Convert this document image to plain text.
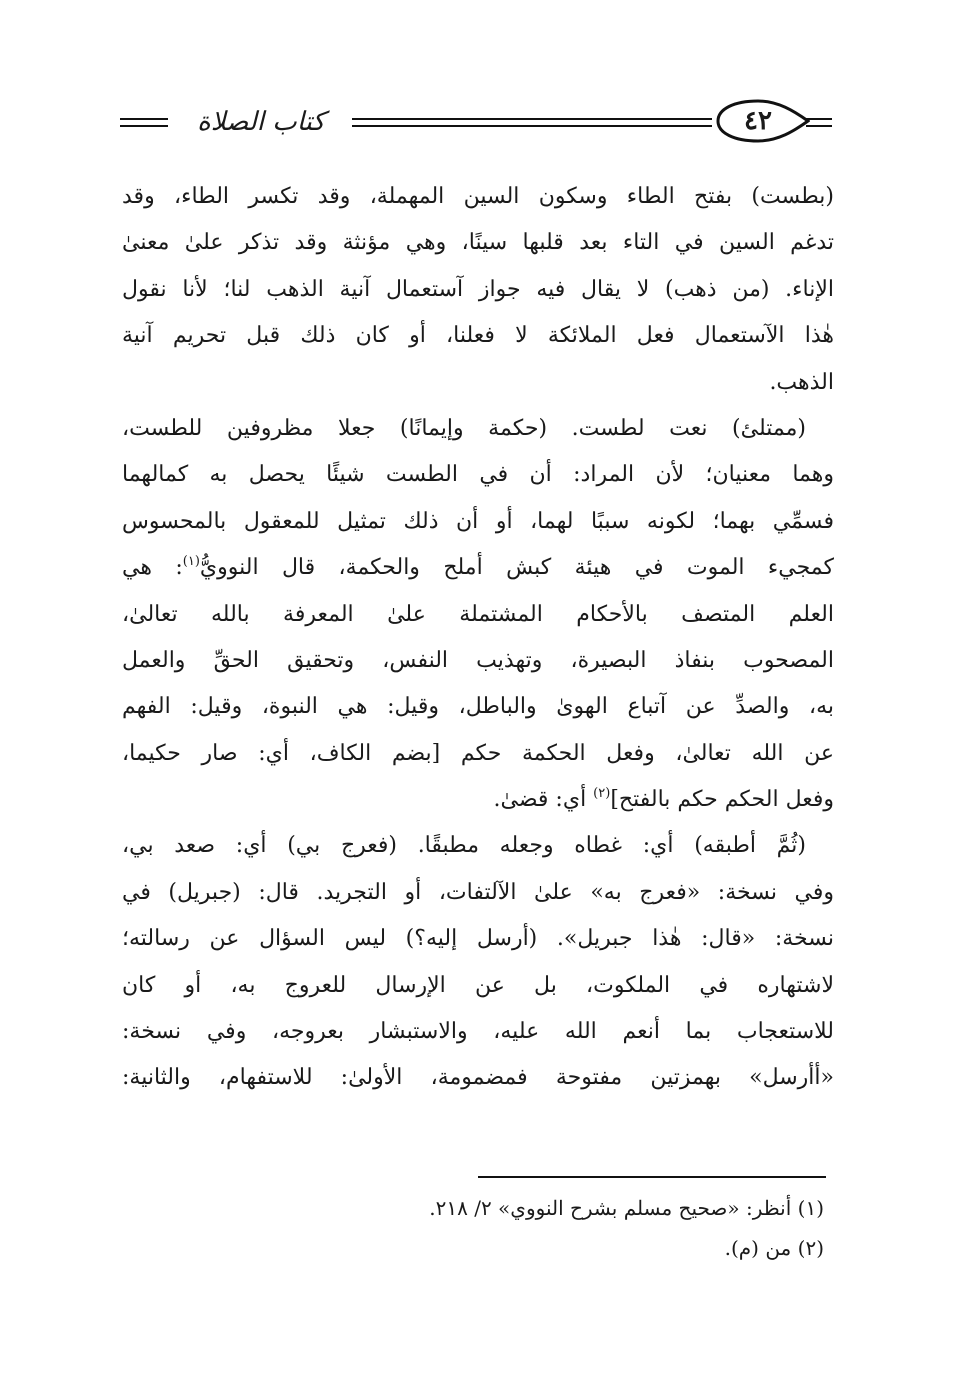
كتاب الصلاة	٤٢
(بطست) بفتح الطاء وسكون السين المهملة، وقد تكسر الطاء، وقد
تدغم السين في التاء بعد قلبها سينًا، وهي مؤنثة وقد تذكر علىٰ معنىٰ
الإناء. (من ذهب) لا يقال فيه جواز آستعمال آنية الذهب لنا؛ لأنا نقول
هٰذا الآستعمال فعل الملائكة لا فعلنا، أو كان ذلك قبل تحريم آنية
الذهب.
(ممتلئ) نعت لطست. (حكمة وإيمانًا) جعلا مظروفين للطست،
وهما معنيان؛ لأن المراد: أن في الطست شيئًا يحصل به كمالهما
فسمِّي بهما؛ لكونه سببًا لهما، أو أن ذلك تمثيل للمعقول بالمحسوس
كمجيء الموت في هيئة كبش أملح والحكمة، قال النوويُّ$^{(١)}$: هي
العلم المتصف بالأحكام المشتملة علىٰ المعرفة بالله تعالىٰ،
المصحوب بنفاذ البصيرة، وتهذيب النفس، وتحقيق الحقِّ والعمل
به، والصدِّ عن آتباع الهوىٰ والباطل، وقيل: هي النبوة، وقيل: الفهم
عن الله تعالىٰ، وفعل الحكمة حكم [بضم الكاف، أي: صار حكيما،
وفعل الحكم حكم بالفتح]$^{(٢)}$ أي: قضىٰ.
(ثُمَّ أطبقه) أي: غطاه وجعله مطبقًا. (فعرج بي) أي: صعد بي،
وفي نسخة: «فعرج به» علىٰ الآلتفات، أو التجريد. قال: (جبريل) في
نسخة: «قال: هٰذا جبريل». (أرسل إليه؟) ليس السؤال عن رسالته؛
لاشتهاره في الملكوت، بل عن الإرسال للعروج به، أو كان
للاستعجاب بما أنعم الله عليه، والاستبشار بعروجه، وفي نسخة:
«أأرسل» بهمزتين مفتوحة فمضمومة، الأولىٰ: للاستفهام، والثانية:
(١) أنظر: «صحيح مسلم بشرح النووي» ٢/ ٢١٨.
(٢) من (م).
